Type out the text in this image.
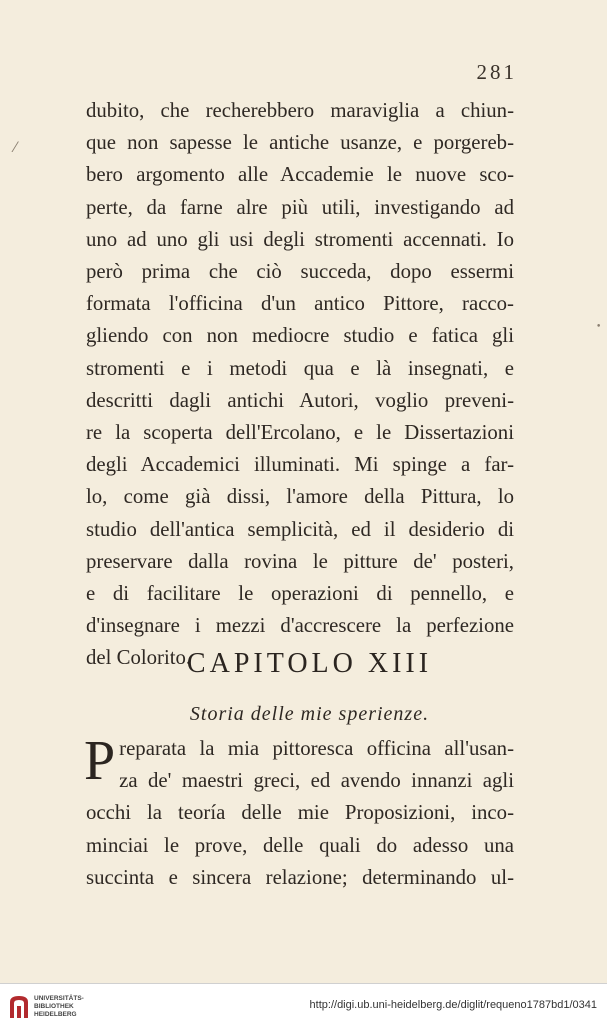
281
dubito, che recherebbero maraviglia a chiun-
que non sapesse le antiche usanze, e porgereb-
bero argomento alle Accademie le nuove sco-
perte, da farne alre più utili, investigando ad
uno ad uno gli usi degli stromenti accennati. Io
però prima che ciò succeda, dopo essermi
formata l'officina d'un antico Pittore, racco-
gliendo con non mediocre studio e fatica gli
stromenti e i metodi qua e là insegnati, e
descritti dagli antichi Autori, voglio preveni-
re la scoperta dell'Ercolano, e le Dissertazioni
degli Accademici illuminati. Mi spinge a far-
lo, come già dissi, l'amore della Pittura, lo
studio dell'antica semplicità, ed il desiderio di
preservare dalla rovina le pitture de' posteri,
e di facilitare le operazioni di pennello, e
d'insegnare i mezzi d'accrescere la perfezione
del Colorito.
CAPITOLO XIII
Storia delle mie sperienze.
P reparata la mia pittoresca officina all'usan-
za de' maestri greci, ed avendo innanzi agli
occhi la teoría delle mie Proposizioni, inco-
minciai le prove, delle quali do adesso una
succinta e sincera relazione; determinando ul-
⁄
•
UNIVERSITÄTS-
BIBLIOTHEK
HEIDELBERG
http://digi.ub.uni-heidelberg.de/diglit/requeno1787bd1/0341
